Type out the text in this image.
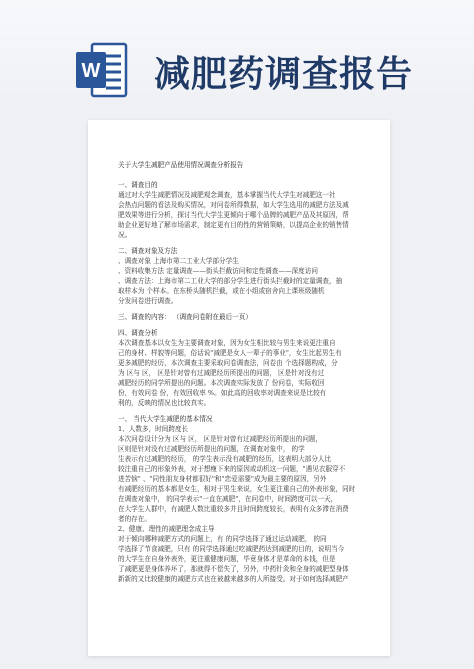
W 减肥药调查报告
关于大学生减肥产品使用情况调查分析报告
一、调查目的
通过对大学生减肥情况及减肥观念调查，基本掌握当代大学生对减肥这一社
会热点问题的看法及购买情况，对问卷所得数据，如大学生选用的减肥方法及减
肥效果等进行分析，探讨当代大学生更倾向于哪个品牌的减肥产品及其原因，帮
助企业更好地了解市场需求，制定更有目的性的营销策略，以提高企业的销售情
况。
二、调查对象及方法
、调查对象 上海市第二工业大学部分学生
、资料收集方法 定量调查——街头拦截访问和定性调查——深度访问
、调查方法：上海市第二工业大学的部分学生进行街头拦截时的定量调查，抽
取样本为 个样本。在东桥头随机拦截，或在小组或宿舍向上课班级随机
分发问卷进行调查。
三、调查的内容： （调查问卷附在最后一页）
四、调查分析
本次调查基本以女生为主要调查对象，因为女生相比较与男生来说更注重自
己的身材、样貌等问题，俗话说"减肥是女人一辈子的事业"，女生比起男生有
更多减肥的经历，本次调查主要采取问卷调查法，问卷由 个选择题构成，分
为 区与 区， 区是针对曾有过减肥经历所提出的问题， 区是针对没有过
减肥经历的同学所提出的问题。本次调查实际发放了 份问卷，实际收回
份，有效问卷 份，有效回收率 %。如此高的回收率对调查来说是比较有
利的，反映的情况也比较真实。
一、 当代大学生减肥的基本情况
1、人数多，时间跨度长
本次问卷设计分为 区与 区， 区是针对曾有过减肥经历所提出的问题，
区则是针对没有过减肥经历所提出的问题，在调查对象中， 的学
生表示有过减肥的经历， 的学生表示没有减肥的经历，这表明大部分人比
较注重自己的形象外表，对于想瘦下来的原因或动机这一问题，"遇见衣服穿不
进苦恼" 、"同性朋友身材都很好"和"恋爱需要"成为最主要的原因，另外
有减肥经历的基本都是女生，相对于男生来说，女生更注重自己的外表形象，同时
在调查对象中， 的同学表示"一直在减肥"，在问卷中，时间跨度可以一天，
在大学生人群中，有减肥人数比重较多并且时间跨度较长，表明有众多滞在消费
者的存在。
2、健康、理性的减肥理念成主导
对于倾向哪种减肥方式的问题上，有 的同学选择了通过运动减肥， 的同
学选择了节食减肥，只有 的同学选择通过吃减肥药达到减肥的目的，说明当今
的大学生在自身外表外，更注重健康问题，毕竟身体才是革命的本钱，但是
了减肥更是身体养坏了，那就得不偿失了，另外，中药针灸和全身的减肥型身体
新新的又比较健康的减肥方式也在被越来越多的人所接受。对于如何选择减肥产
